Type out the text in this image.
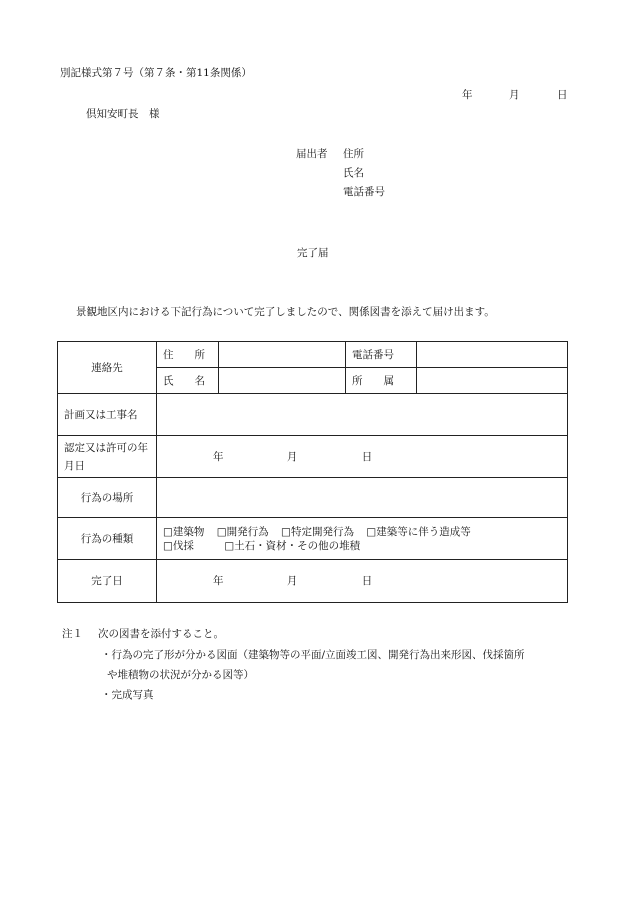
別記様式第７号（第７条・第11条関係）
年	月	日
倶知安町長　様
届出者 住所
氏名
電話番号
完了届
景観地区内における下記行為について完了しましたので、関係図書を添えて届け出ます。
連絡先	住　　所		電話番号	
	氏　　名		所　　属	
計画又は工事名				
認定又は許可の年月日	年 月 日			
行為の場所				
行為の種類	□建築物 □開発行為 □特定開発行為 □建築等に伴う造成等
□伐採 □土石・資材・その他の堆積			

完了日	年 月 日			
注１ 次の図書を添付すること。
・行為の完了形が分かる図面（建築物等の平面/立面竣工図、開発行為出来形図、伐採箇所
や堆積物の状況が分かる図等）
・完成写真
